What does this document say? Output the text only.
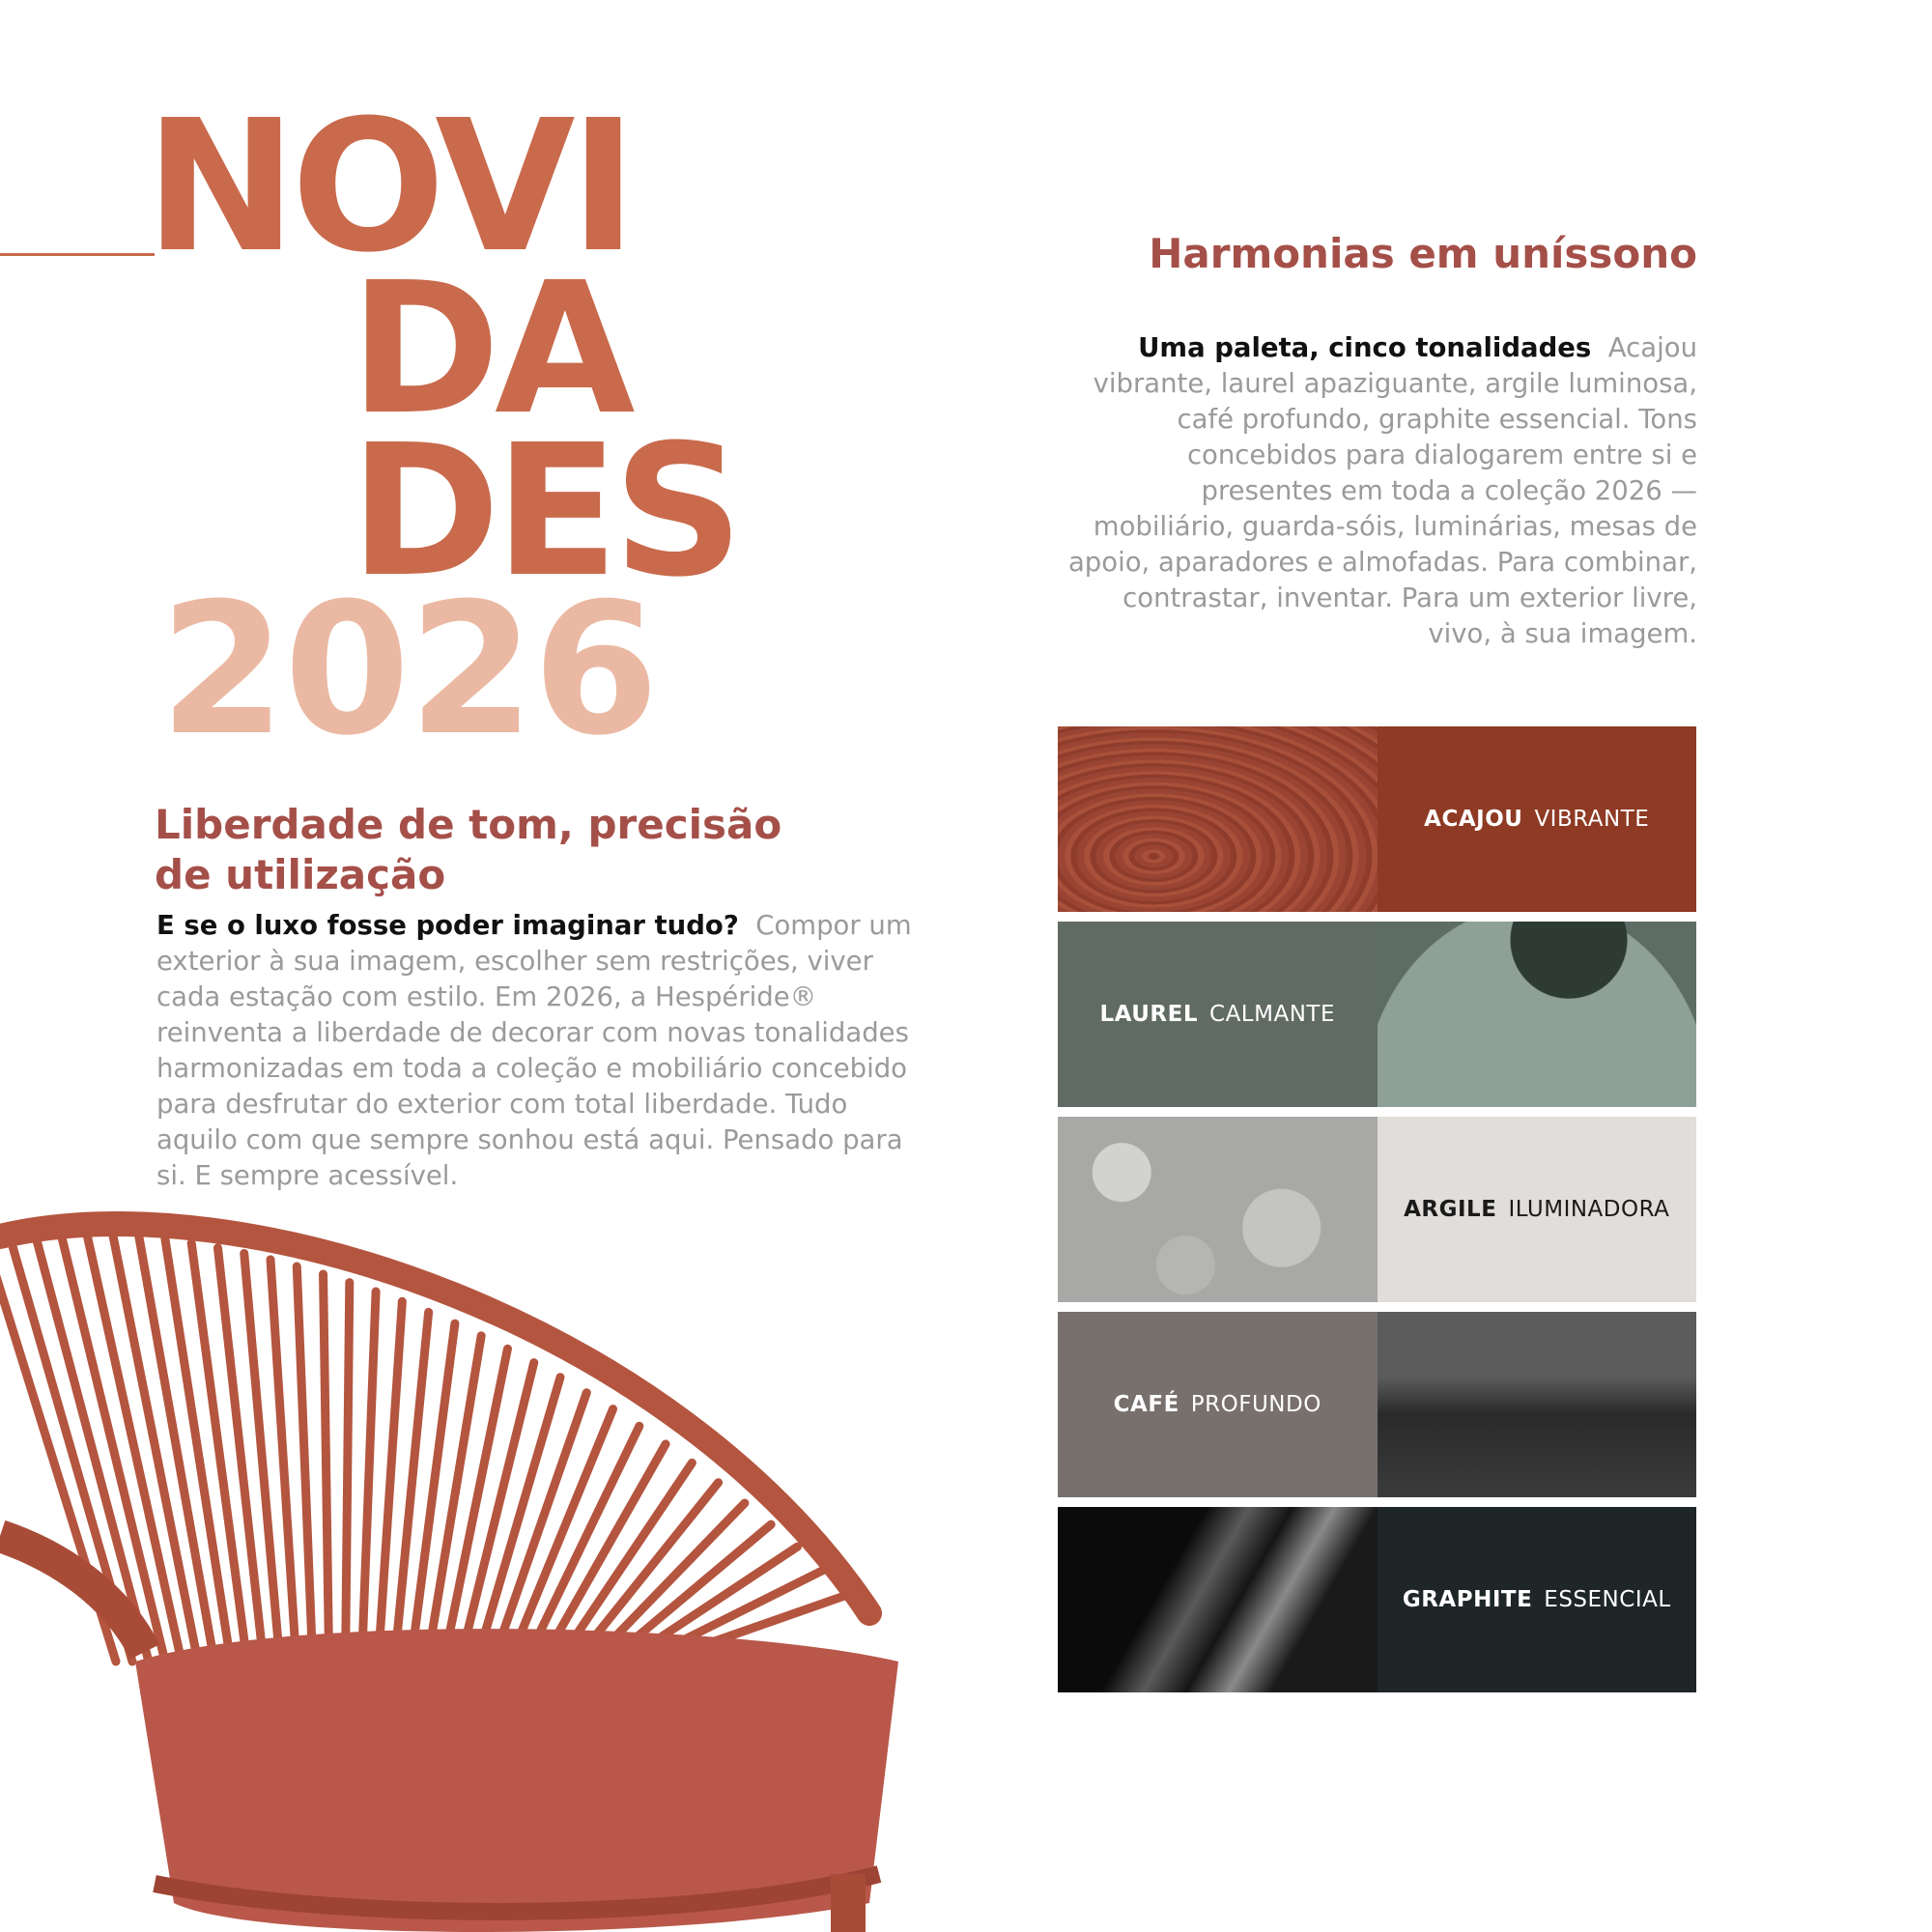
NOVI
DA
DES
2026
Liberdade de tom, precisão de utilização

E se o luxo fosse poder imaginar tudo? Compor um exterior à sua imagem, escolher sem restrições, viver cada estação com estilo. Em 2026, a Hespéride® reinventa a liberdade de decorar com novas tonalidades harmonizadas em toda a coleção e mobiliário concebido para desfrutar do exterior com total liberdade. Tudo aquilo com que sempre sonhou está aqui. Pensado para si. E sempre acessível.

Harmonias em uníssono

Uma paleta, cinco tonalidades Acajou vibrante, laurel apaziguante, argile luminosa, café profundo, graphite essencial. Tons concebidos para dialogarem entre si e presentes em toda a coleção 2026 — mobiliário, guarda-sóis, luminárias, mesas de apoio, aparadores e almofadas. Para combinar, contrastar, inventar. Para um exterior livre, vivo, à sua imagem.

ACAJOU VIBRANTE
LAUREL CALMANTE
ARGILE ILUMINADORA
CAFÉ PROFUNDO
GRAPHITE ESSENCIAL
